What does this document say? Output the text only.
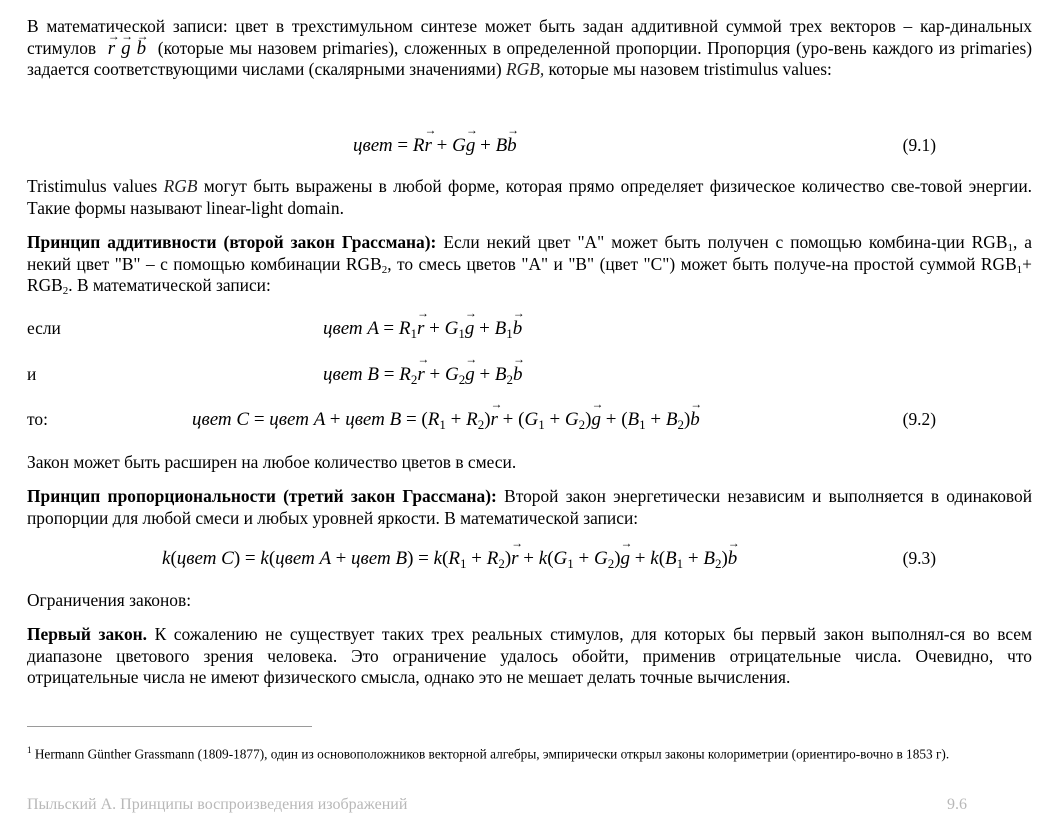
В математической записи: цвет в трехстимульном синтезе может быть задан аддитивной суммой трех векторов – кар-динальных стимулов r → g → b → (которые мы назовем primaries), сложенных в определенной пропорции. Пропорция (уро-вень каждого из primaries) задается соответствующими числами (скалярными значениями) RGB, которые мы назовем tristimulus values:

цвет = Rr → + Gg → + Bb →	(9.1)

Tristimulus values RGB могут быть выражены в любой форме, которая прямо определяет физическое количество све-товой энергии. Такие формы называют linear-light domain.

Принцип аддитивности (второй закон Грассмана): Если некий цвет "A" может быть получен с помощью комбина-ции $RGB_1$, а некий цвет "B" – с помощью комбинации $RGB_2$, то смесь цветов "A" и "B" (цвет "C") может быть получе-на простой суммой $RGB_1+ RGB_2$. В математической записи:

если	цвет $A = R_1r$ → + $G_1g$ → + $B_1b$ →
и	цвет $B = R_2r$ → + $G_2g$ → + $B_2b$ →
то:	цвет C = цвет A + цвет $B = (R_1 + R_2)r$ → + $(G_1 + G_2)g$ → + $(B_1 + B_2)b$ →	(9.2)

Закон может быть расширен на любое количество цветов в смеси.

Принцип пропорциональности (третий закон Грассмана): Второй закон энергетически независим и выполняется в одинаковой пропорции для любой смеси и любых уровней яркости. В математической записи:

k(цвет C) = k(цвет A + цвет $B) = k(R_1 + R_2)r$ → + $k(G_1 + G_2)g$ → + $k(B_1 + B_2)b$ →	(9.3)

Ограничения законов:

Первый закон. К сожалению не существует таких трех реальных стимулов, для которых бы первый закон выполнял-ся во всем диапазоне цветового зрения человека. Это ограничение удалось обойти, применив отрицательные числа. Очевидно, что отрицательные числа не имеют физического смысла, однако это не мешает делать точные вычисления.

$^1$ Hermann Günther Grassmann (1809-1877), один из основоположников векторной алгебры, эмпирически открыл законы колориметрии (ориентиро-вочно в 1853 г).
Пыльский А. Принципы воспроизведения изображений	9.6
